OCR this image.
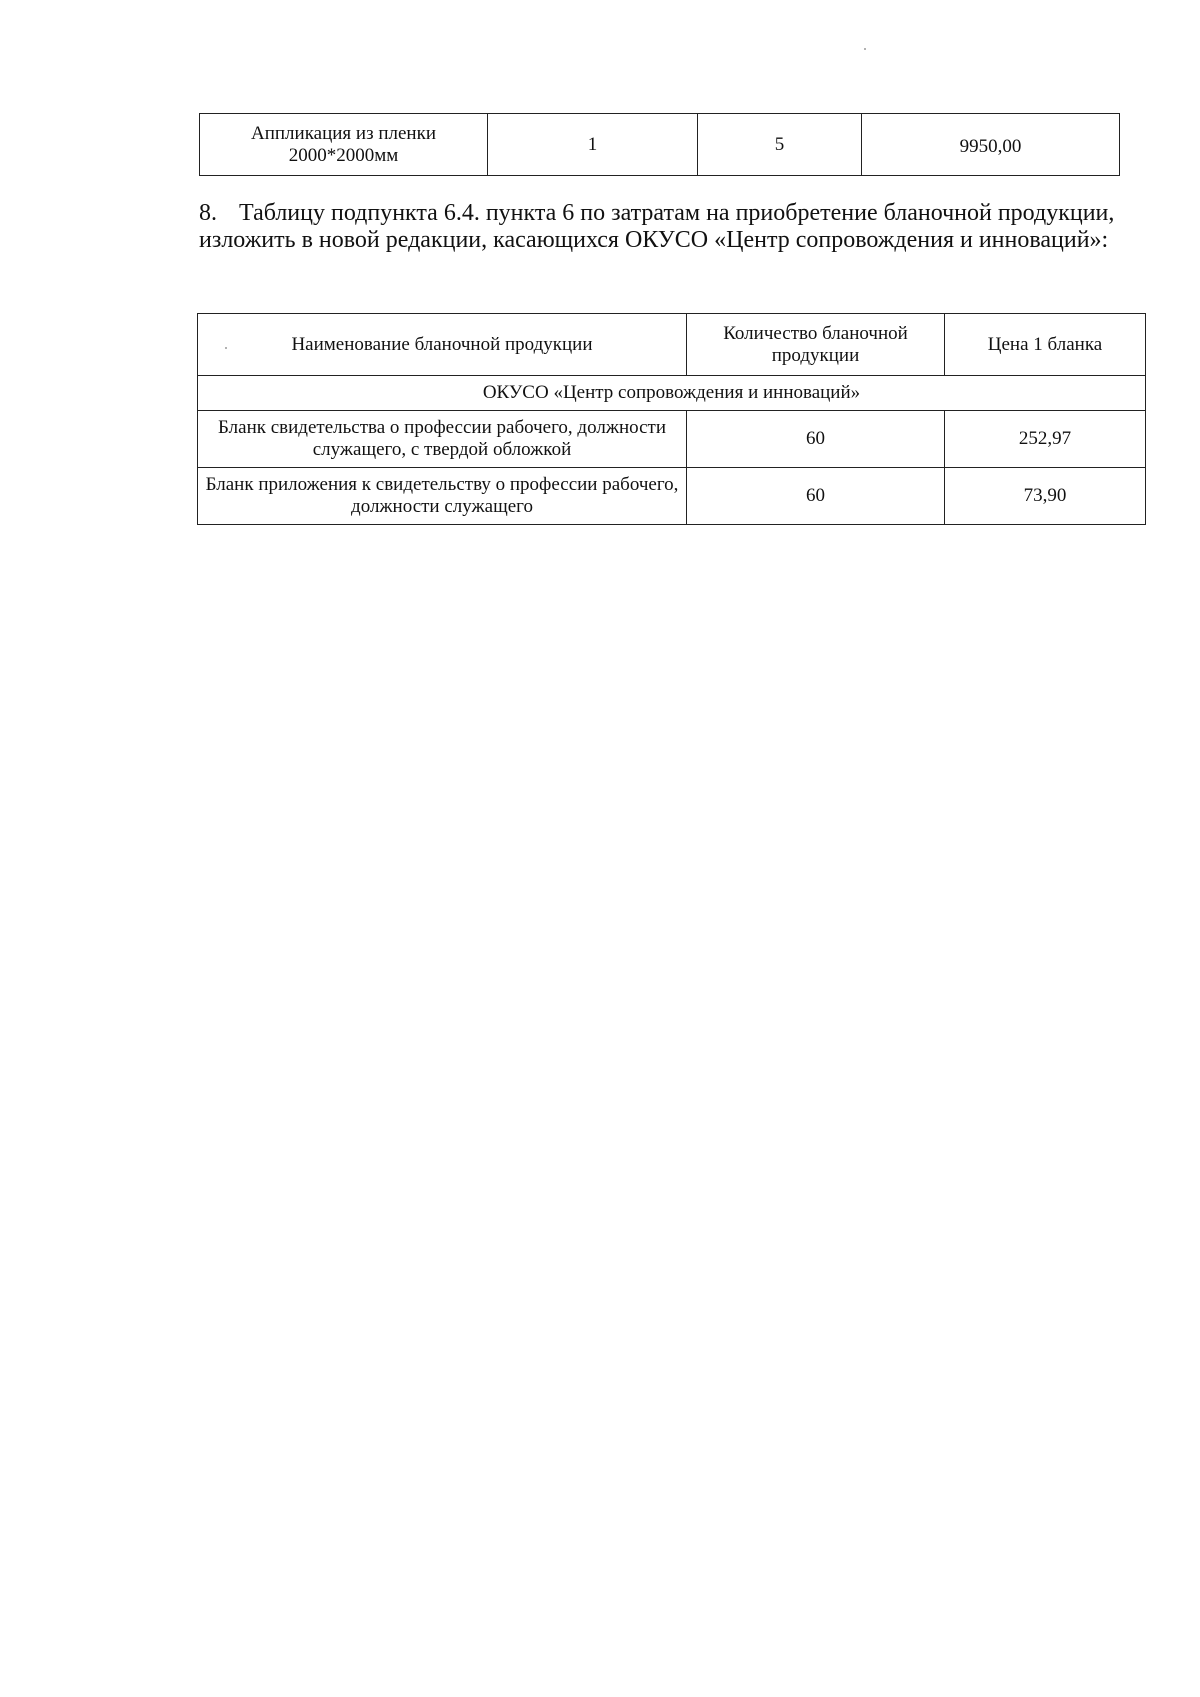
Аппликация из пленки 2000*2000мм	1	5	9950,00

8. Таблицу подпункта 6.4. пункта 6 по затратам на приобретение бланочной продукции, изложить в новой редакции, касающихся ОКУСО «Центр сопровождения и инноваций»:

Наименование бланочной продукции	Количество бланочной продукции	Цена 1 бланка
ОКУСО «Центр сопровождения и инноваций»		
Бланк свидетельства о профессии рабочего, должности служащего, с твердой обложкой	60	252,97
Бланк приложения к свидетельству о профессии рабочего, должности служащего	60	73,90
